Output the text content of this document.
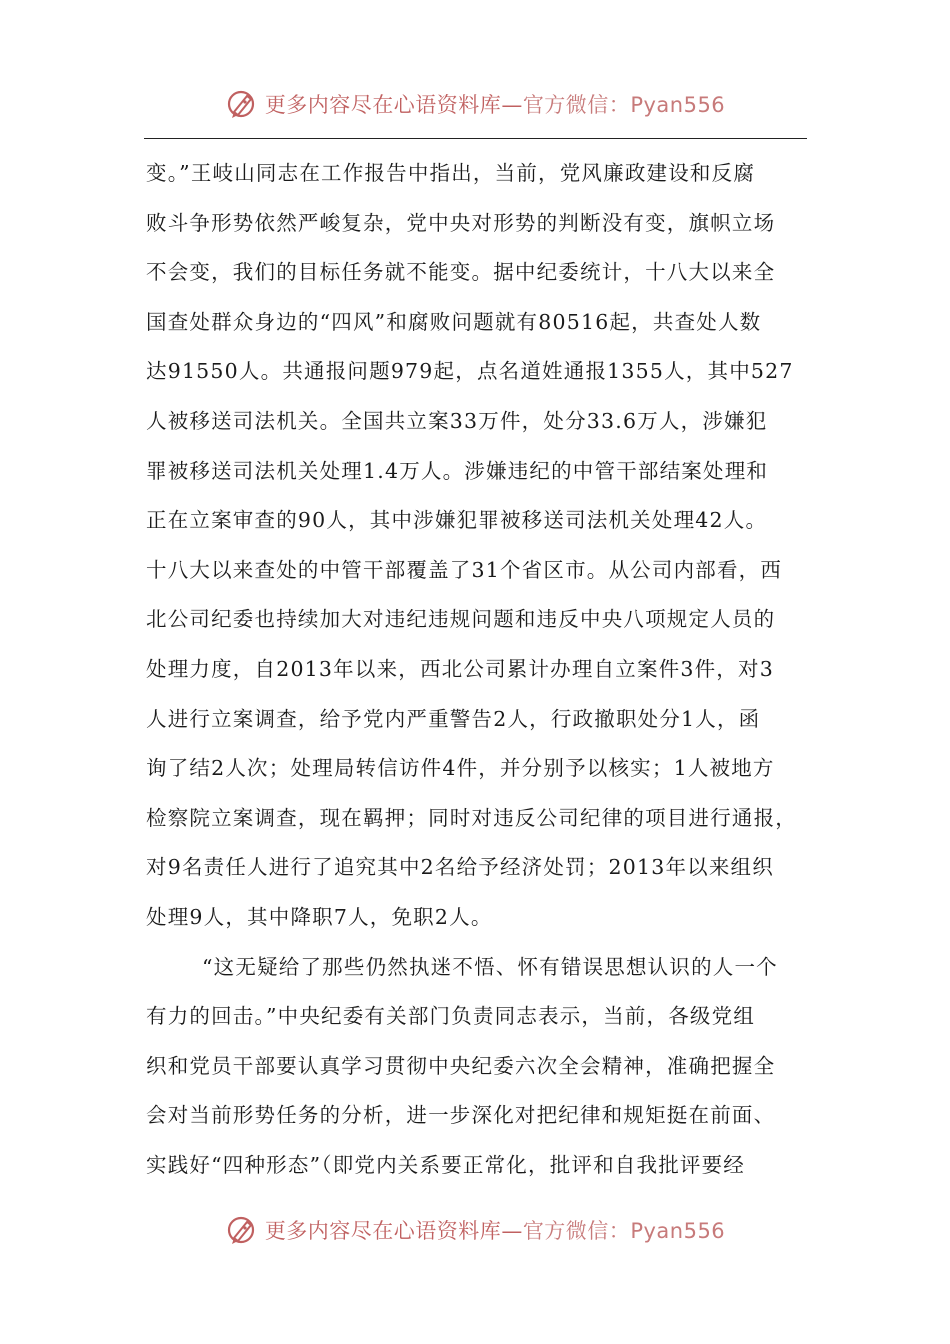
更多内容尽在心语资料库—官方微信：Pyan556
变。”王岐山同志在工作报告中指出，当前，党风廉政建设和反腐
败斗争形势依然严峻复杂，党中央对形势的判断没有变，旗帜立场
不会变，我们的目标任务就不能变。据中纪委统计，十八大以来全
国查处群众身边的“四风”和腐败问题就有80516起，共查处人数
达91550人。共通报问题979起，点名道姓通报1355人，其中527
人被移送司法机关。全国共立案33万件，处分33.6万人，涉嫌犯
罪被移送司法机关处理1.4万人。涉嫌违纪的中管干部结案处理和
正在立案审查的90人，其中涉嫌犯罪被移送司法机关处理42人。
十八大以来查处的中管干部覆盖了31个省区市。从公司内部看，西
北公司纪委也持续加大对违纪违规问题和违反中央八项规定人员的
处理力度，自2013年以来，西北公司累计办理自立案件3件，对3
人进行立案调查，给予党内严重警告2人，行政撤职处分1人，函
询了结2人次；处理局转信访件4件，并分别予以核实；1人被地方
检察院立案调查，现在羁押；同时对违反公司纪律的项目进行通报，
对9名责任人进行了追究其中2名给予经济处罚；2013年以来组织
处理9人，其中降职7人，免职2人。
“这无疑给了那些仍然执迷不悟、怀有错误思想认识的人一个
有力的回击。”中央纪委有关部门负责同志表示，当前，各级党组
织和党员干部要认真学习贯彻中央纪委六次全会精神，准确把握全
会对当前形势任务的分析，进一步深化对把纪律和规矩挺在前面、
实践好“四种形态”（即党内关系要正常化，批评和自我批评要经
更多内容尽在心语资料库—官方微信：Pyan556
